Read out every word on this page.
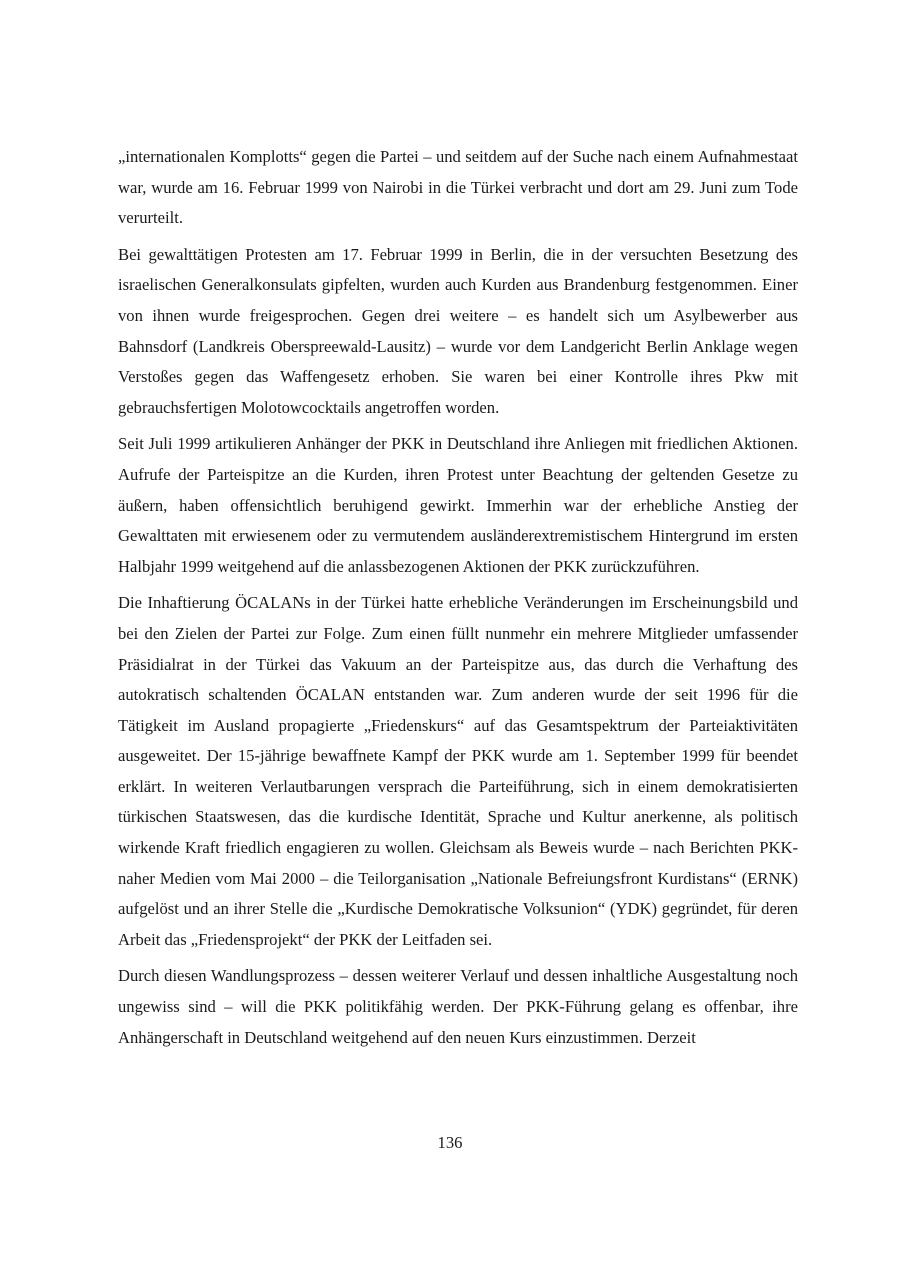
„internationalen Komplotts“ gegen die Partei – und seitdem auf der Suche nach einem Aufnahmestaat war, wurde am 16. Februar 1999 von Nairobi in die Türkei verbracht und dort am 29. Juni zum Tode verurteilt.

Bei gewalttätigen Protesten am 17. Februar 1999 in Berlin, die in der versuchten Besetzung des israelischen Generalkonsulats gipfelten, wurden auch Kurden aus Brandenburg festgenommen. Einer von ihnen wurde freigesprochen. Gegen drei weitere – es handelt sich um Asylbewerber aus Bahnsdorf (Landkreis Oberspreewald-Lausitz) – wurde vor dem Landgericht Berlin Anklage wegen Verstoßes gegen das Waffengesetz erhoben. Sie waren bei einer Kontrolle ihres Pkw mit gebrauchsfertigen Molotowcocktails angetroffen worden.

Seit Juli 1999 artikulieren Anhänger der PKK in Deutschland ihre Anliegen mit friedlichen Aktionen. Aufrufe der Parteispitze an die Kurden, ihren Protest unter Beachtung der geltenden Gesetze zu äußern, haben offensichtlich beruhigend gewirkt. Immerhin war der erhebliche Anstieg der Gewalttaten mit erwiesenem oder zu vermutendem ausländerextremistischem Hintergrund im ersten Halbjahr 1999 weitgehend auf die anlassbezogenen Aktionen der PKK zurückzuführen.

Die Inhaftierung ÖCALANs in der Türkei hatte erhebliche Veränderungen im Erscheinungsbild und bei den Zielen der Partei zur Folge. Zum einen füllt nunmehr ein mehrere Mitglieder umfassender Präsidialrat in der Türkei das Vakuum an der Parteispitze aus, das durch die Verhaftung des autokratisch schaltenden ÖCALAN entstanden war. Zum anderen wurde der seit 1996 für die Tätigkeit im Ausland propagierte „Friedenskurs“ auf das Gesamtspektrum der Parteiaktivitäten ausgeweitet. Der 15-jährige bewaffnete Kampf der PKK wurde am 1. September 1999 für beendet erklärt. In weiteren Verlautbarungen versprach die Parteiführung, sich in einem demokratisierten türkischen Staatswesen, das die kurdische Identität, Sprache und Kultur anerkenne, als politisch wirkende Kraft friedlich engagieren zu wollen. Gleichsam als Beweis wurde – nach Berichten PKK-naher Medien vom Mai 2000 – die Teilorganisation „Nationale Befreiungsfront Kurdistans“ (ERNK) aufgelöst und an ihrer Stelle die „Kurdische Demokratische Volksunion“ (YDK) gegründet, für deren Arbeit das „Friedensprojekt“ der PKK der Leitfaden sei.

Durch diesen Wandlungsprozess – dessen weiterer Verlauf und dessen inhaltliche Ausgestaltung noch ungewiss sind – will die PKK politikfähig werden. Der PKK-Führung gelang es offenbar, ihre Anhängerschaft in Deutschland weitgehend auf den neuen Kurs einzustimmen. Derzeit

136
